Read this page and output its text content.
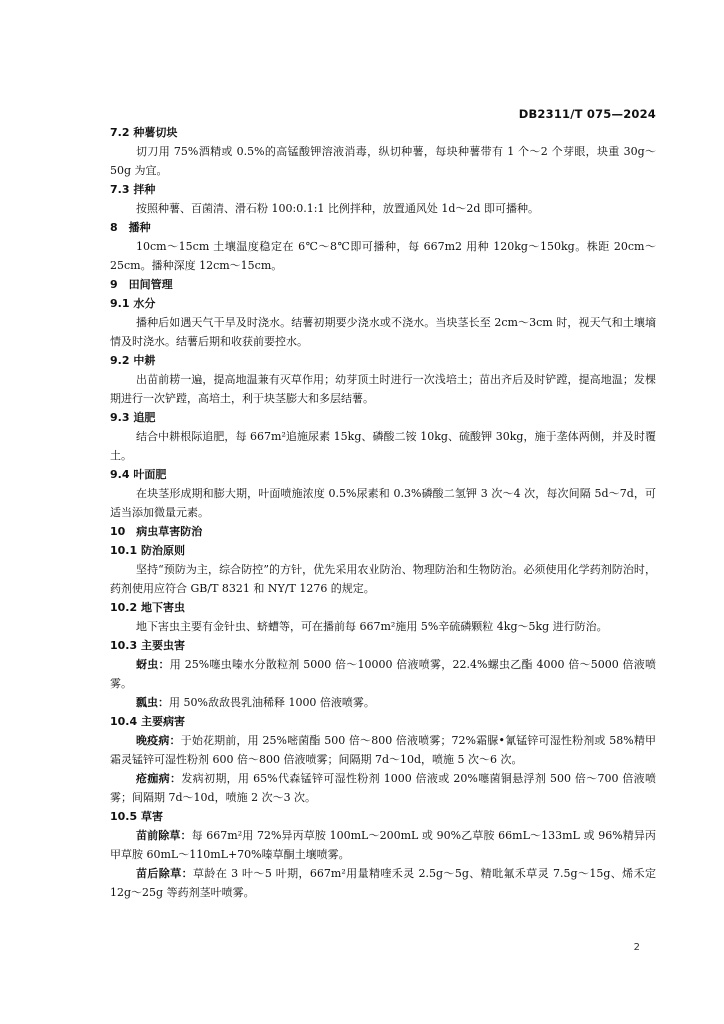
DB2311/T 075—2024
7.2 种薯切块

切刀用 75%酒精或 0.5%的高锰酸钾溶液消毒，纵切种薯，每块种薯带有 1 个～2 个芽眼，块重 30g～50g 为宜。

7.3 拌种

按照种薯、百菌清、滑石粉 100:0.1:1 比例拌种，放置通风处 1d～2d 即可播种。

8　播种

10cm～15cm 土壤温度稳定在 6℃～8℃即可播种，每 667m2 用种 120kg～150kg。株距 20cm～25cm。播种深度 12cm～15cm。

9　田间管理
9.1 水分

播种后如遇天气干旱及时浇水。结薯初期要少浇水或不浇水。当块茎长至 2cm～3cm 时，视天气和土壤墒情及时浇水。结薯后期和收获前要控水。

9.2 中耕

出苗前耢一遍，提高地温兼有灭草作用；幼芽顶土时进行一次浅培土；苗出齐后及时铲蹚，提高地温；发棵期进行一次铲蹚，高培土，利于块茎膨大和多层结薯。

9.3 追肥

结合中耕根际追肥，每 667m²追施尿素 15kg、磷酸二铵 10kg、硫酸钾 30kg，施于垄体两侧，并及时覆土。

9.4 叶面肥

在块茎形成期和膨大期，叶面喷施浓度 0.5%尿素和 0.3%磷酸二氢钾 3 次～4 次，每次间隔 5d～7d，可适当添加微量元素。

10　病虫草害防治
10.1 防治原则

坚持“预防为主，综合防控”的方针，优先采用农业防治、物理防治和生物防治。必须使用化学药剂防治时，药剂使用应符合 GB/T 8321 和 NY/T 1276 的规定。

10.2 地下害虫

地下害虫主要有金针虫、蛴螬等，可在播前每 667m²施用 5%辛硫磷颗粒 4kg～5kg 进行防治。

10.3 主要虫害

蚜虫：用 25%噻虫嗪水分散粒剂 5000 倍～10000 倍液喷雾，22.4%螺虫乙酯 4000 倍～5000 倍液喷雾。

瓢虫：用 50%敌敌畏乳油稀释 1000 倍液喷雾。

10.4 主要病害

晚疫病：于始花期前，用 25%嘧菌酯 500 倍～800 倍液喷雾；72%霜脲•氰锰锌可湿性粉剂或 58%精甲霜灵锰锌可湿性粉剂 600 倍～800 倍液喷雾；间隔期 7d～10d，喷施 5 次～6 次。

疮痂病：发病初期，用 65%代森锰锌可湿性粉剂 1000 倍液或 20%噻菌铜悬浮剂 500 倍～700 倍液喷雾；间隔期 7d～10d，喷施 2 次～3 次。

10.5 草害

苗前除草：每 667m²用 72%异丙草胺 100mL～200mL 或 90%乙草胺 66mL～133mL 或 96%精异丙甲草胺 60mL～110mL+70%嗪草酮土壤喷雾。

苗后除草：草龄在 3 叶～5 叶期，667m²用量精喹禾灵 2.5g～5g、精吡氟禾草灵 7.5g～15g、烯禾定 12g～25g 等药剂茎叶喷雾。

2
